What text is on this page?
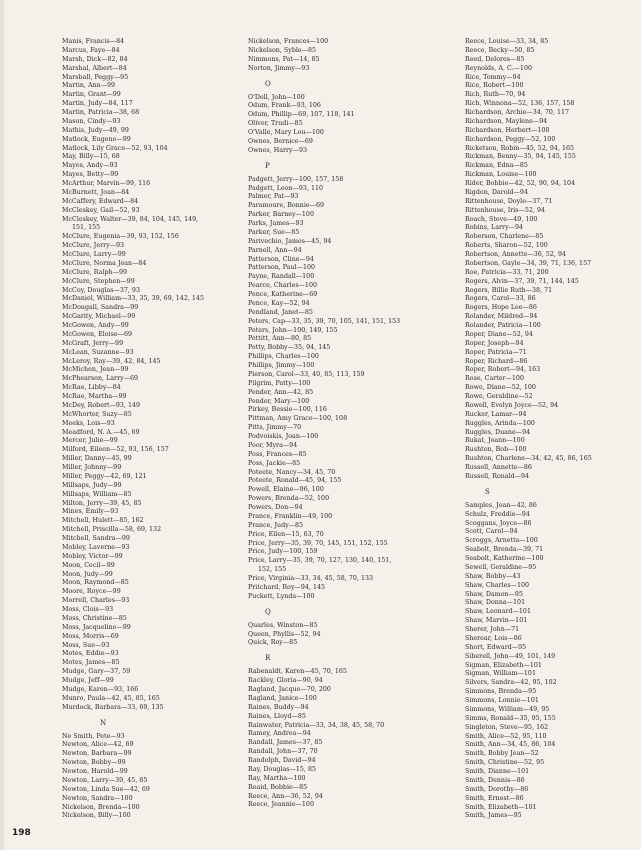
Manis, Francis—84
Marcus, Faye—84
Marsh, Dick—82, 84
Marshal, Albert—84
Marsball, Peggy—95
Martin, Ann—99
Martin, Grant—99
Martin, Judy—84, 117
Martin, Patricia—38, 68
Mason, Cindy—93
Mathis, Judy—49, 99
Matlock, Eugene—99
Matlock, Lily Grace—52, 93, 104
May, Billy—15, 68
Mayes, Andy—93
Mayes, Betty—99
McArthur, Marvin—99, 116
McBurnett, Joan—84
McCaffery, Edward—84
McCleskey, Gail—52, 93
McCleskey, Walter—39, 84, 104, 145, 149,
151, 155
McClure, Eugenia—39, 93, 152, 156
McClure, Jerry—93
McClure, Larry—99
McClure, Norma Jean—84
McClure, Ralph—99
McClure, Stephen—99
McCoy, Douglas—37, 93
McDaniel, William—33, 35, 39, 69, 142, 145
McDougall, Sandra—99
McGarity, Michael—99
McGowen, Andy—99
McGowen, Eloise—69
McGraft, Jerry—99
McLean, Suzanne—93
McLeroy, Ray—39, 42, 84, 145
McMichen, Jean—99
McPhearson, Larry—69
McRae, Libby—84
McRae, Martha—99
McDey, Robert—93, 149
McWhorter, Suzy—85
Meeks, Lois—93
Meadford, N. A.—45, 69
Mercer, Julie—99
Milford, Eileen—52, 93, 156, 157
Miller, Danny—45, 99
Miller, Johnny—99
Miller, Peggy—42, 69, 121
Millsaps, Judy—99
Millsaps, William—85
Milton, Jerry—39, 45, 85
Mines, Emily—93
Mitchell, Hulett—85, 162
Mitchell, Priscilla—58, 69, 132
Mitchell, Sandra—99
Mobley, Laverne—93
Mobley, Victor—99
Moon, Cecil—99
Moon, Judy—99
Moon, Raymond—85
Moore, Royce—99
Morrell, Charles—93
Moss, Clois—93
Moss, Christine—85
Moss, Jacqueline—99
Moss, Morris—69
Moss, Sue—93
Motes, Eddie—93
Motes, James—85
Mudge, Gary—37, 59
Mudge, Jeff—99
Mudge, Karen—93, 166
Munro, Paula—42, 45, 85, 165
Murdock, Barbara—33, 69, 135
N
Ne Smith, Pete—93
Newton, Alice—42, 69
Newton, Barbara—99
Newton, Bobby—99
Newton, Harold—99
Newton, Larry—39, 45, 85
Newton, Linda Sue—42, 69
Newton, Sandra—100
Nickelson, Brenda—100
Nickelson, Billy—100
Nickelson, Frances—100
Nickelson, Syble—85
Nimmons, Pat—14, 85
Norton, Jimmy—93
O
O'Dell, John—100
Odum, Frank—93, 106
Odum, Phillip—69, 107, 118, 141
Oliver, Trudi—85
O'Valle, Mary Lou—100
Ownes, Bernice—69
Ownes, Harry—93
P
Padgett, Jerry—100, 157, 158
Padgett, Leon—93, 110
Palmer, Pat—93
Paramoure, Bonnie—69
Parker, Barney—100
Parks, James—93
Parker, Sue—85
Parivechio, James—45, 94
Parnell, Ann—94
Patterson, Cline—94
Patterson, Paul—100
Payne, Randall—100
Pearce, Charles—100
Pence, Katherine—69
Pence, Kay—52, 94
Pendland, Janet—85
Peters, Cap—33, 35, 39, 70, 105, 141, 151, 153
Peters, John—100, 149, 155
Pettitt, Ann—80, 85
Petty, Bobby—35, 94, 145
Phillips, Charles—100
Phillips, Jimmy—100
Pierson, Carol—33, 40, 85, 113, 159
Pilgrim, Patty—100
Pender, Ann—42, 85
Pender, Mary—100
Pirkey, Bessie—100, 116
Pittman, Amy Grace—100, 108
Pitts, Jimmy—70
Podvoiskis, Joan—100
Poor, Myra—94
Poss, Frances—85
Poss, Jackie—85
Poteete, Nancy—34, 45, 70
Poteete, Ronald—45, 94, 155
Powell, Elaine—96, 100
Powers, Brenda—52, 100
Powers, Don—94
Prance, Franklin—49, 100
Prance, Judy—85
Price, Ellen—15, 63, 70
Price, Jerry—35, 39, 70, 145, 151, 152, 155
Price, Judy—100, 159
Price, Larry—35, 39, 70, 127, 130, 140, 151,
152, 155
Price, Virginia—33, 34, 45, 58, 70, 133
Pritchard, Roy—94, 145
Puckett, Lynda—100
Q
Quarles, Winston—85
Queen, Phyllis—52, 94
Quick, Roy—85
R
Rabenaldt, Karen—45, 70, 165
Rackley, Gloria—90, 94
Ragland, Jacque—70, 200
Ragland, Janice—100
Raines, Buddy—94
Raines, Lloyd—85
Rainwater, Patricia—33, 34, 38, 45, 58, 70
Ramey, Andrea—94
Randall, James—37, 85
Randall, John—37, 70
Randolph, David—94
Ray, Douglas—15, 85
Ray, Martha—100
Reaid, Bobbie—85
Reece, Ann—36, 52, 94
Reece, Jeannie—100
Reece, Louise—33, 34, 85
Reece, Becky—50, 85
Reed, Delores—85
Reynolds, A. C.—100
Rice, Tommy—94
Rice, Robert—100
Rich, Ruth—70, 94
Rich, Winnona—52, 136, 157, 158
Richardson, Archie—34, 70, 117
Richardson, Maylene—94
Richardson, Herbert—100
Richardson, Peggy—52, 100
Ricketson, Robin—45, 52, 94, 165
Rickman, Benny—35, 94, 145, 155
Rickman, Edna—85
Rickman, Louise—100
Rider, Bobbie—42, 52, 90, 94, 104
Rigdon, Darold—94
Rittenhouse, Doyle—37, 71
Rittenhouse, Iris—52, 94
Roach, Steve—49, 100
Robins, Larry—94
Roberson, Charlene—85
Roberts, Sharon—52, 100
Robertson, Annette—36, 52, 94
Robertson, Gayle—34, 39, 71, 136, 157
Roe, Patricia—33, 71, 200
Rogers, Alvin—37, 39, 71, 144, 145
Rogers, Billie Ruth—38, 71
Rogers, Carol—33, 86
Rogers, Hope Lee—86
Rolander, Mildred—94
Rolander, Patricia—100
Roper, Diane—52, 94
Roper, Joseph—94
Roper, Patricia—71
Roper, Richard—86
Roper, Robert—94, 163
Rose, Carter—100
Rowe, Diane—52, 100
Rowe, Geraldine—52
Rowell, Evelyn Joyce—52, 94
Rucker, Lamar—94
Ruggles, Arinda—100
Ruggles, Duane—94
Rukat, Joann—100
Rushton, Bob—100
Rushton, Charlene—34, 42, 45, 86, 165
Russell, Annette—86
Russell, Ronald—94
S
Samples, Joan—42, 86
Schulz, Freddie—94
Scoggans, Joyce—86
Scott, Carol—94
Scroggs, Arnetta—100
Seabolt, Brenda—39, 71
Seabolt, Katherine—100
Sewell, Geraldine—95
Shaw, Bobby—43
Shaw, Charles—100
Shaw, Damon—95
Shaw, Donna—101
Shaw, Leonard—101
Shaw, Marvin—101
Sherer, John—71
Sherear, Lois—86
Short, Edward—95
Siberell, John—49, 101, 149
Sigman, Elizabeth—101
Sigman, William—101
Silvers, Sandra—42, 95, 102
Simmons, Brenda—95
Simmons, Lonnie—101
Simmons, William—49, 95
Simms, Ronald—35, 95, 155
Singleton, Steve—95, 162
Smith, Alice—52, 95, 110
Smith, Ann—34, 45, 86, 104
Smith, Bobby Jean—52
Smith, Christine—52, 95
Smith, Dianne—101
Smith, Dennis—86
Smith, Dorothy—86
Smith, Ernest—86
Smith, Elizabeth—101
Smith, James—95
198
